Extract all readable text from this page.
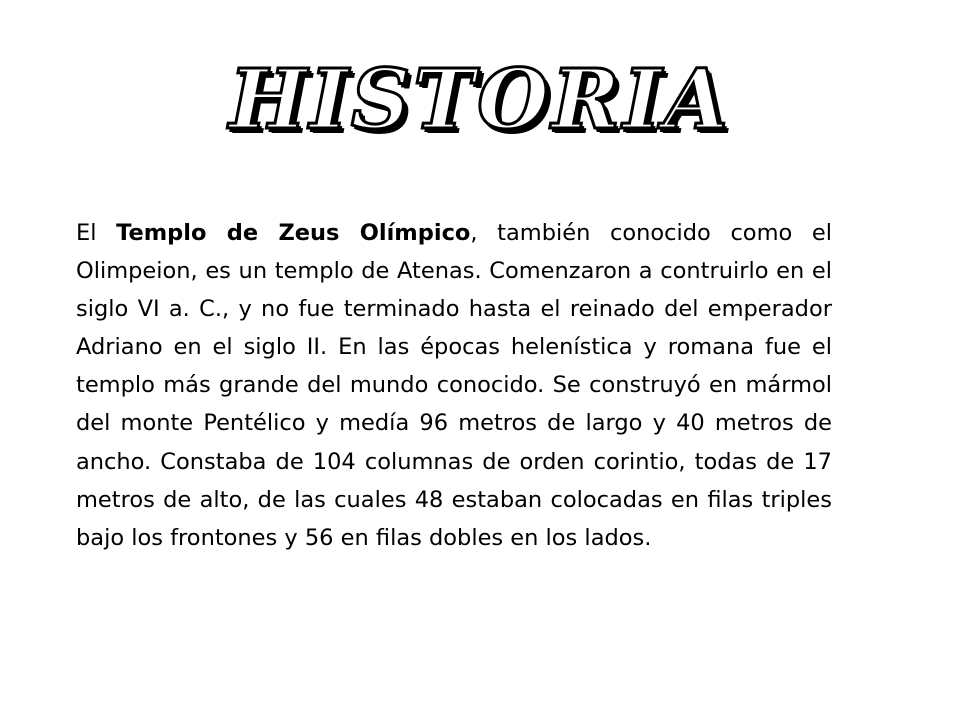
HISTORIA

El Templo de Zeus Olímpico, también conocido como el Olimpeion, es un templo de Atenas. Comenzaron a contruirlo en el siglo VI a. C., y no fue terminado hasta el reinado del emperador Adriano en el siglo II. En las épocas helenística y romana fue el templo más grande del mundo conocido. Se construyó en mármol del monte Pentélico y medía 96 metros de largo y 40 metros de ancho. Constaba de 104 columnas de orden corintio, todas de 17 metros de alto, de las cuales 48 estaban colocadas en filas triples bajo los frontones y 56 en filas dobles en los lados.
